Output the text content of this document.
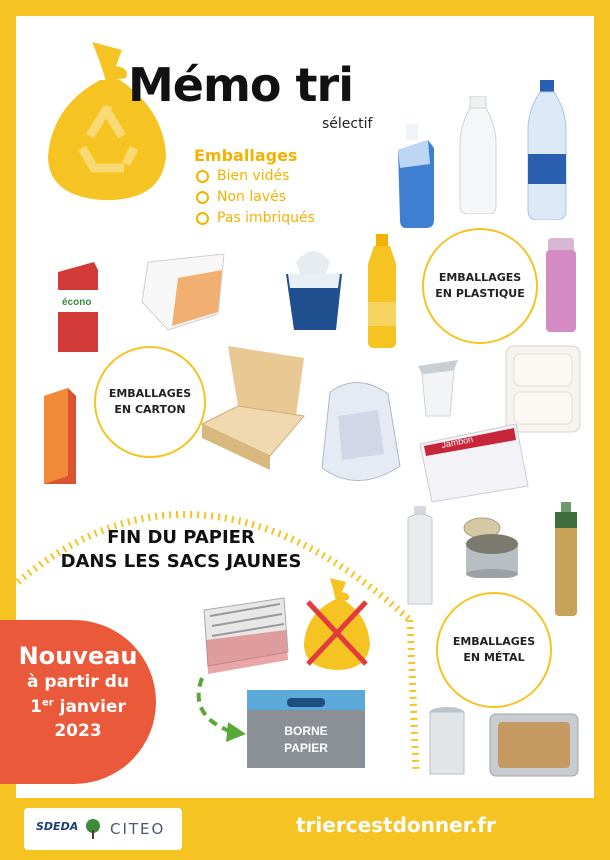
Mémo tri
sélectif
Emballages
Bien vidés
Non lavés
Pas imbriqués
EMBALLAGES
EN PLASTIQUE
écono
EMBALLAGES
EN CARTON
Jambon
FIN DU PAPIER
DANS LES SACS JAUNES
EMBALLAGES
EN MÉTAL
BORNE
PAPIER
Nouveau
à partir du
1er janvier
2023
SDEDA CITEO	triercestdonner.fr
